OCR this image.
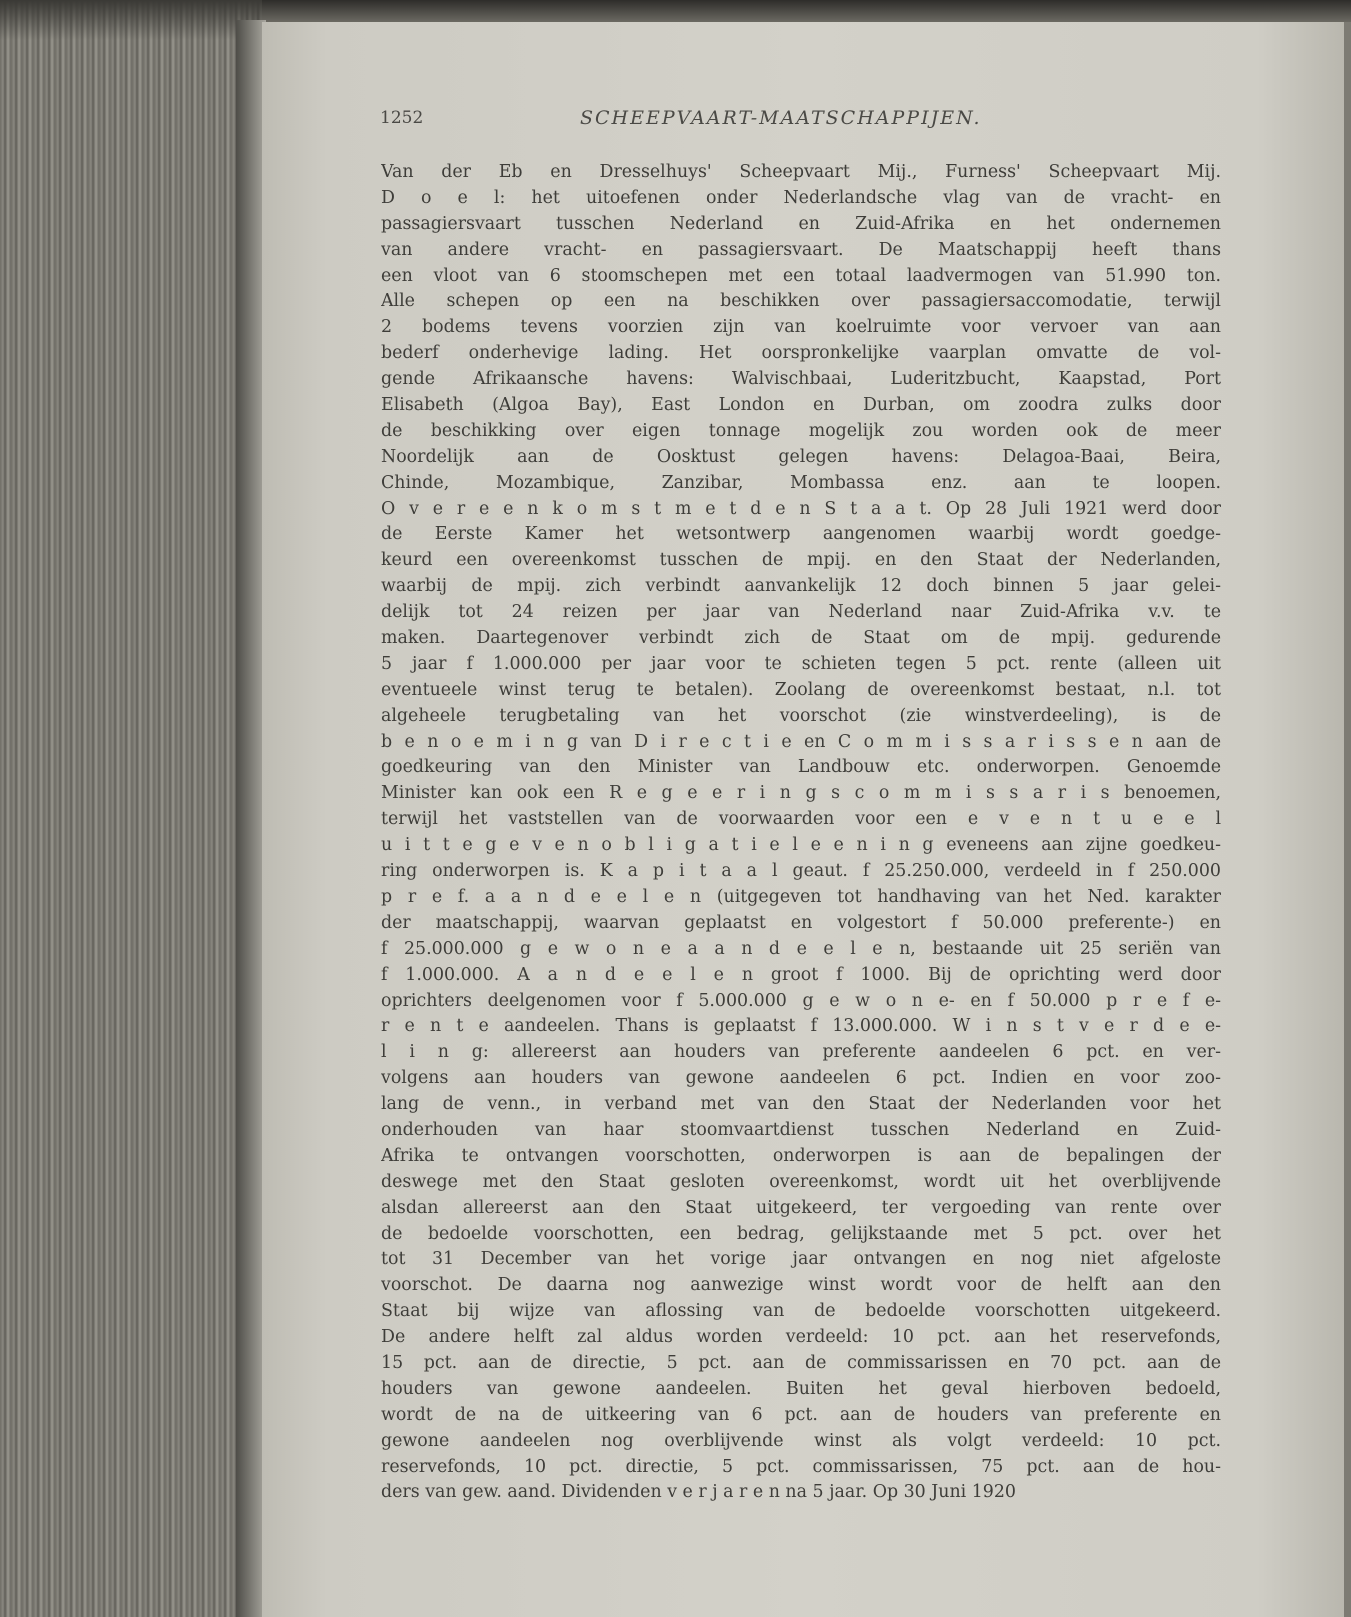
1252	SCHEEPVAART-MAATSCHAPPIJEN.
Van der Eb en Dresselhuys' Scheepvaart Mij., Furness' Scheepvaart Mij.
D o e l: het uitoefenen onder Nederlandsche vlag van de vracht- en
passagiersvaart tusschen Nederland en Zuid-Afrika en het ondernemen
van andere vracht- en passagiersvaart. De Maatschappij heeft thans
een vloot van 6 stoomschepen met een totaal laadvermogen van 51.990 ton.
Alle schepen op een na beschikken over passagiersaccomodatie, terwijl
2 bodems tevens voorzien zijn van koelruimte voor vervoer van aan
bederf onderhevige lading. Het oorspronkelijke vaarplan omvatte de vol-
gende Afrikaansche havens: Walvischbaai, Luderitzbucht, Kaapstad, Port
Elisabeth (Algoa Bay), East London en Durban, om zoodra zulks door
de beschikking over eigen tonnage mogelijk zou worden ook de meer
Noordelijk aan de Oosktust gelegen havens: Delagoa-Baai, Beira,
Chinde, Mozambique, Zanzibar, Mombassa enz. aan te loopen.
O v e r e e n k o m s t m e t d e n S t a a t. Op 28 Juli 1921 werd door
de Eerste Kamer het wetsontwerp aangenomen waarbij wordt goedge-
keurd een overeenkomst tusschen de mpij. en den Staat der Nederlanden,
waarbij de mpij. zich verbindt aanvankelijk 12 doch binnen 5 jaar gelei-
delijk tot 24 reizen per jaar van Nederland naar Zuid-Afrika v.v. te
maken. Daartegenover verbindt zich de Staat om de mpij. gedurende
5 jaar f 1.000.000 per jaar voor te schieten tegen 5 pct. rente (alleen uit
eventueele winst terug te betalen). Zoolang de overeenkomst bestaat, n.l. tot
algeheele terugbetaling van het voorschot (zie winstverdeeling), is de
b e n o e m i n g van D i r e c t i e en C o m m i s s a r i s s e n aan de
goedkeuring van den Minister van Landbouw etc. onderworpen. Genoemde
Minister kan ook een R e g e e r i n g s c o m m i s s a r i s benoemen,
terwijl het vaststellen van de voorwaarden voor een e v e n t u e e l
u i t t e g e v e n o b l i g a t i e l e e n i n g eveneens aan zijne goedkeu-
ring onderworpen is. K a p i t a a l geaut. f 25.250.000, verdeeld in f 250.000
p r e f. a a n d e e l e n (uitgegeven tot handhaving van het Ned. karakter
der maatschappij, waarvan geplaatst en volgestort f 50.000 preferente-) en
f 25.000.000 g e w o n e a a n d e e l e n, bestaande uit 25 seriën van
f 1.000.000. A a n d e e l e n groot f 1000. Bij de oprichting werd door
oprichters deelgenomen voor f 5.000.000 g e w o n e- en f 50.000 p r e f e-
r e n t e aandeelen. Thans is geplaatst f 13.000.000. W i n s t v e r d e e-
l i n g: allereerst aan houders van preferente aandeelen 6 pct. en ver-
volgens aan houders van gewone aandeelen 6 pct. Indien en voor zoo-
lang de venn., in verband met van den Staat der Nederlanden voor het
onderhouden van haar stoomvaartdienst tusschen Nederland en Zuid-
Afrika te ontvangen voorschotten, onderworpen is aan de bepalingen der
deswege met den Staat gesloten overeenkomst, wordt uit het overblijvende
alsdan allereerst aan den Staat uitgekeerd, ter vergoeding van rente over
de bedoelde voorschotten, een bedrag, gelijkstaande met 5 pct. over het
tot 31 December van het vorige jaar ontvangen en nog niet afgeloste
voorschot. De daarna nog aanwezige winst wordt voor de helft aan den
Staat bij wijze van aflossing van de bedoelde voorschotten uitgekeerd.
De andere helft zal aldus worden verdeeld: 10 pct. aan het reservefonds,
15 pct. aan de directie, 5 pct. aan de commissarissen en 70 pct. aan de
houders van gewone aandeelen. Buiten het geval hierboven bedoeld,
wordt de na de uitkeering van 6 pct. aan de houders van preferente en
gewone aandeelen nog overblijvende winst als volgt verdeeld: 10 pct.
reservefonds, 10 pct. directie, 5 pct. commissarissen, 75 pct. aan de hou-
ders van gew. aand. Dividenden v e r j a r e n na 5 jaar. Op 30 Juni 1920
